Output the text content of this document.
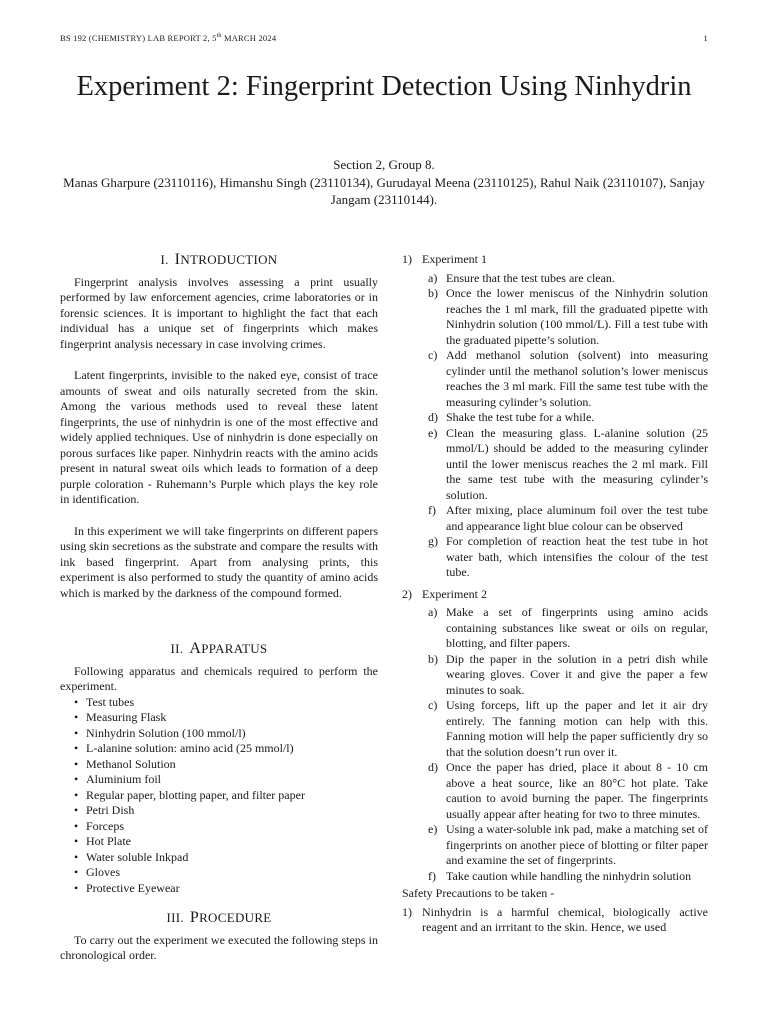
BS 192 (CHEMISTRY) LAB REPORT 2, 5th MARCH 2024	1
Experiment 2: Fingerprint Detection Using Ninhydrin
Section 2, Group 8.
Manas Gharpure (23110116), Himanshu Singh (23110134), Gurudayal Meena (23110125), Rahul Naik (23110107), Sanjay Jangam (23110144).
I. INTRODUCTION

Fingerprint analysis involves assessing a print usually performed by law enforcement agencies, crime laboratories or in forensic sciences. It is important to highlight the fact that each individual has a unique set of fingerprints which makes fingerprint analysis necessary in case involving crimes.

Latent fingerprints, invisible to the naked eye, consist of trace amounts of sweat and oils naturally secreted from the skin. Among the various methods used to reveal these latent fingerprints, the use of ninhydrin is one of the most effective and widely applied techniques. Use of ninhydrin is done especially on porous surfaces like paper. Ninhydrin reacts with the amino acids present in natural sweat oils which leads to formation of a deep purple coloration - Ruhemann’s Purple which plays the key role in identification.

In this experiment we will take fingerprints on different papers using skin secretions as the substrate and compare the results with ink based fingerprint. Apart from analysing prints, this experiment is also performed to study the quantity of amino acids which is marked by the darkness of the compound formed.

II. APPARATUS

Following apparatus and chemicals required to perform the experiment.

• Test tubes
• Measuring Flask
• Ninhydrin Solution (100 mmol/l)
• L-alanine solution: amino acid (25 mmol/l)
• Methanol Solution
• Aluminium foil
• Regular paper, blotting paper, and filter paper
• Petri Dish
• Forceps
• Hot Plate
• Water soluble Inkpad
• Gloves
• Protective Eyewear
III. PROCEDURE

To carry out the experiment we executed the following steps in chronological order.

1) Experiment 1
a) Ensure that the test tubes are clean.
b) Once the lower meniscus of the Ninhydrin solution reaches the 1 ml mark, fill the graduated pipette with Ninhydrin solution (100 mmol/L). Fill a test tube with the graduated pipette’s solution.
c) Add methanol solution (solvent) into measuring cylinder until the methanol solution’s lower meniscus reaches the 3 ml mark. Fill the same test tube with the measuring cylinder’s solution.
d) Shake the test tube for a while.
e) Clean the measuring glass. L-alanine solution (25 mmol/L) should be added to the measuring cylinder until the lower meniscus reaches the 2 ml mark. Fill the same test tube with the measuring cylinder’s solution.
f) After mixing, place aluminum foil over the test tube and appearance light blue colour can be observed
g) For completion of reaction heat the test tube in hot water bath, which intensifies the colour of the test tube.
2) Experiment 2
a) Make a set of fingerprints using amino acids containing substances like sweat or oils on regular, blotting, and filter papers.
b) Dip the paper in the solution in a petri dish while wearing gloves. Cover it and give the paper a few minutes to soak.
c) Using forceps, lift up the paper and let it air dry entirely. The fanning motion can help with this. Fanning motion will help the paper sufficiently dry so that the solution doesn’t run over it.
d) Once the paper has dried, place it about 8 - 10 cm above a heat source, like an 80°C hot plate. Take caution to avoid burning the paper. The fingerprints usually appear after heating for two to three minutes.
e) Using a water-soluble ink pad, make a matching set of fingerprints on another piece of blotting or filter paper and examine the set of fingerprints.
f) Take caution while handling the ninhydrin solution
Safety Precautions to be taken -
1) Ninhydrin is a harmful chemical, biologically active reagent and an irrritant to the skin. Hence, we used
